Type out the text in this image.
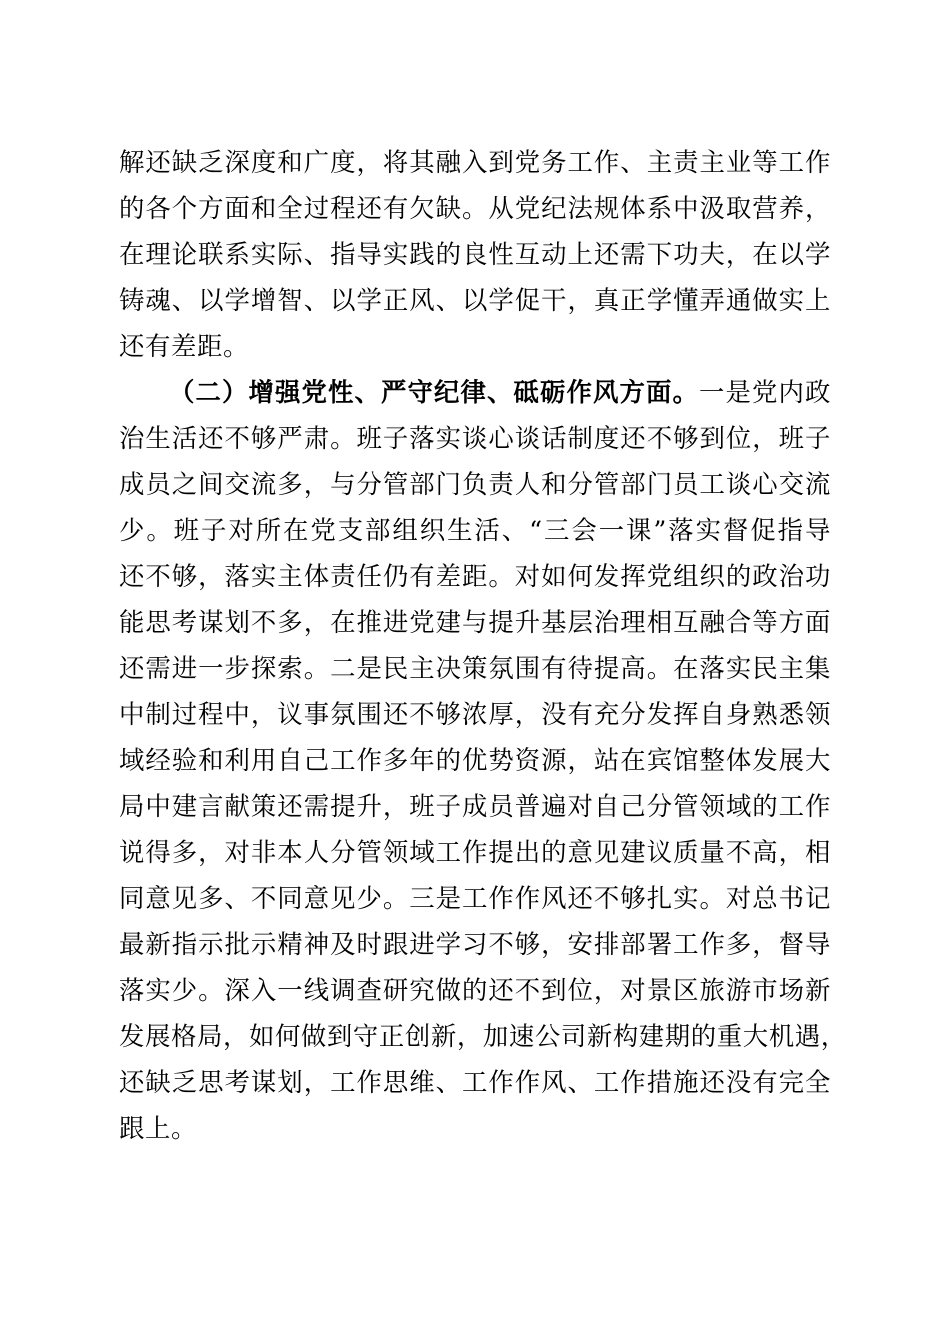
解还缺乏深度和广度，将其融入到党务工作、主责主业等工作
的各个方面和全过程还有欠缺。从党纪法规体系中汲取营养，
在理论联系实际、指导实践的良性互动上还需下功夫，在以学
铸魂、以学增智、以学正风、以学促干，真正学懂弄通做实上
还有差距。
（二）增强党性、严守纪律、砥砺作风方面。一是党内政
治生活还不够严肃。班子落实谈心谈话制度还不够到位，班子
成员之间交流多，与分管部门负责人和分管部门员工谈心交流
少。班子对所在党支部组织生活、“三会一课”落实督促指导
还不够，落实主体责任仍有差距。对如何发挥党组织的政治功
能思考谋划不多，在推进党建与提升基层治理相互融合等方面
还需进一步探索。二是民主决策氛围有待提高。在落实民主集
中制过程中，议事氛围还不够浓厚，没有充分发挥自身熟悉领
域经验和利用自己工作多年的优势资源，站在宾馆整体发展大
局中建言献策还需提升，班子成员普遍对自己分管领域的工作
说得多，对非本人分管领域工作提出的意见建议质量不高，相
同意见多、不同意见少。三是工作作风还不够扎实。对总书记
最新指示批示精神及时跟进学习不够，安排部署工作多，督导
落实少。深入一线调查研究做的还不到位，对景区旅游市场新
发展格局，如何做到守正创新，加速公司新构建期的重大机遇，
还缺乏思考谋划，工作思维、工作作风、工作措施还没有完全
跟上。
